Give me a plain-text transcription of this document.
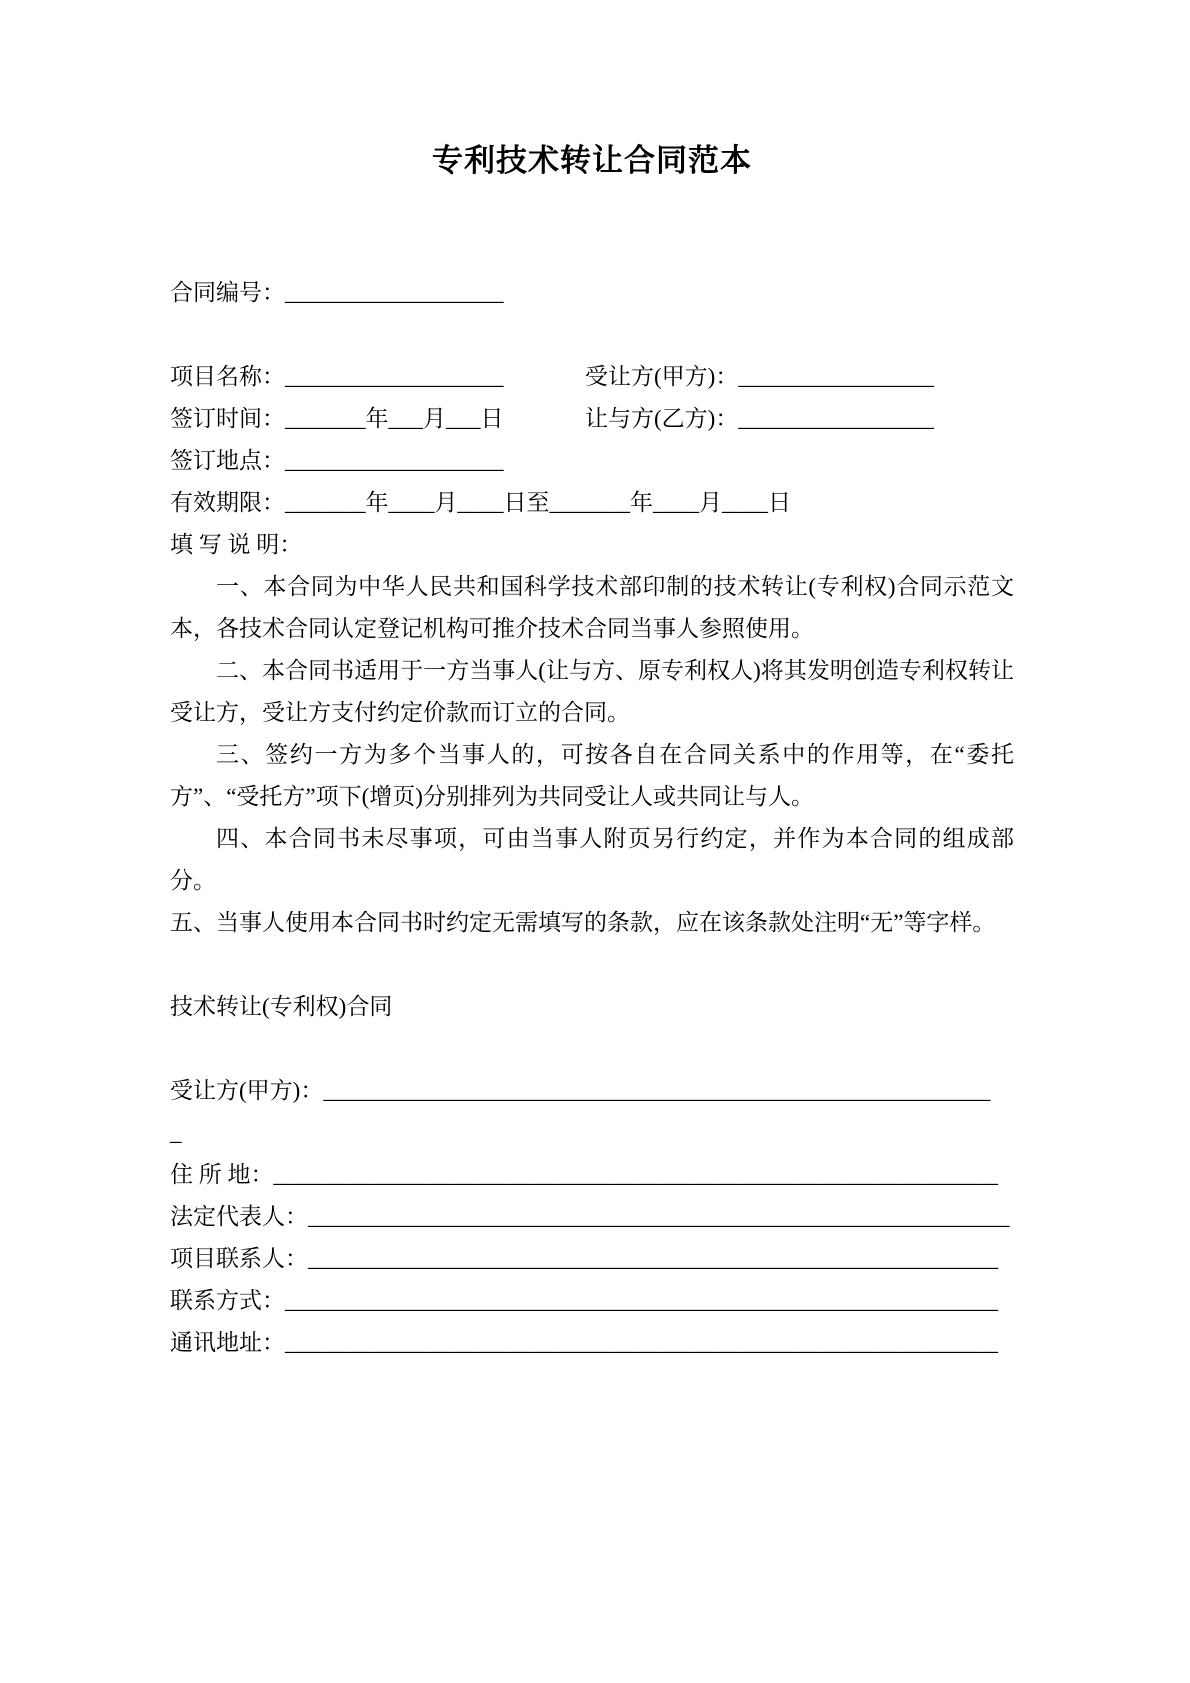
专利技术转让合同范本
合同编号：___________________
项目名称：___________________	受让方(甲方)：_________________
签订时间：_______年___月___日	让与方(乙方)：_________________
签订地点：___________________
有效期限：_______年____月____日至_______年____月____日
填 写 说 明：

一、本合同为中华人民共和国科学技术部印制的技术转让(专利权)合同示范文本，各技术合同认定登记机构可推介技术合同当事人参照使用。

二、本合同书适用于一方当事人(让与方、原专利权人)将其发明创造专利权转让受让方，受让方支付约定价款而订立的合同。

三、签约一方为多个当事人的，可按各自在合同关系中的作用等，在“委托方”、“受托方”项下(增页)分别排列为共同受让人或共同让与人。

四、本合同书未尽事项，可由当事人附页另行约定，并作为本合同的组成部分。

五、当事人使用本合同书时约定无需填写的条款，应在该条款处注明“无”等字样。

技术转让(专利权)合同
受让方(甲方)：__________________________________________________________
_
住 所 地：_______________________________________________________________
法定代表人：_____________________________________________________________
项目联系人：____________________________________________________________
联系方式：______________________________________________________________
通讯地址：______________________________________________________________
